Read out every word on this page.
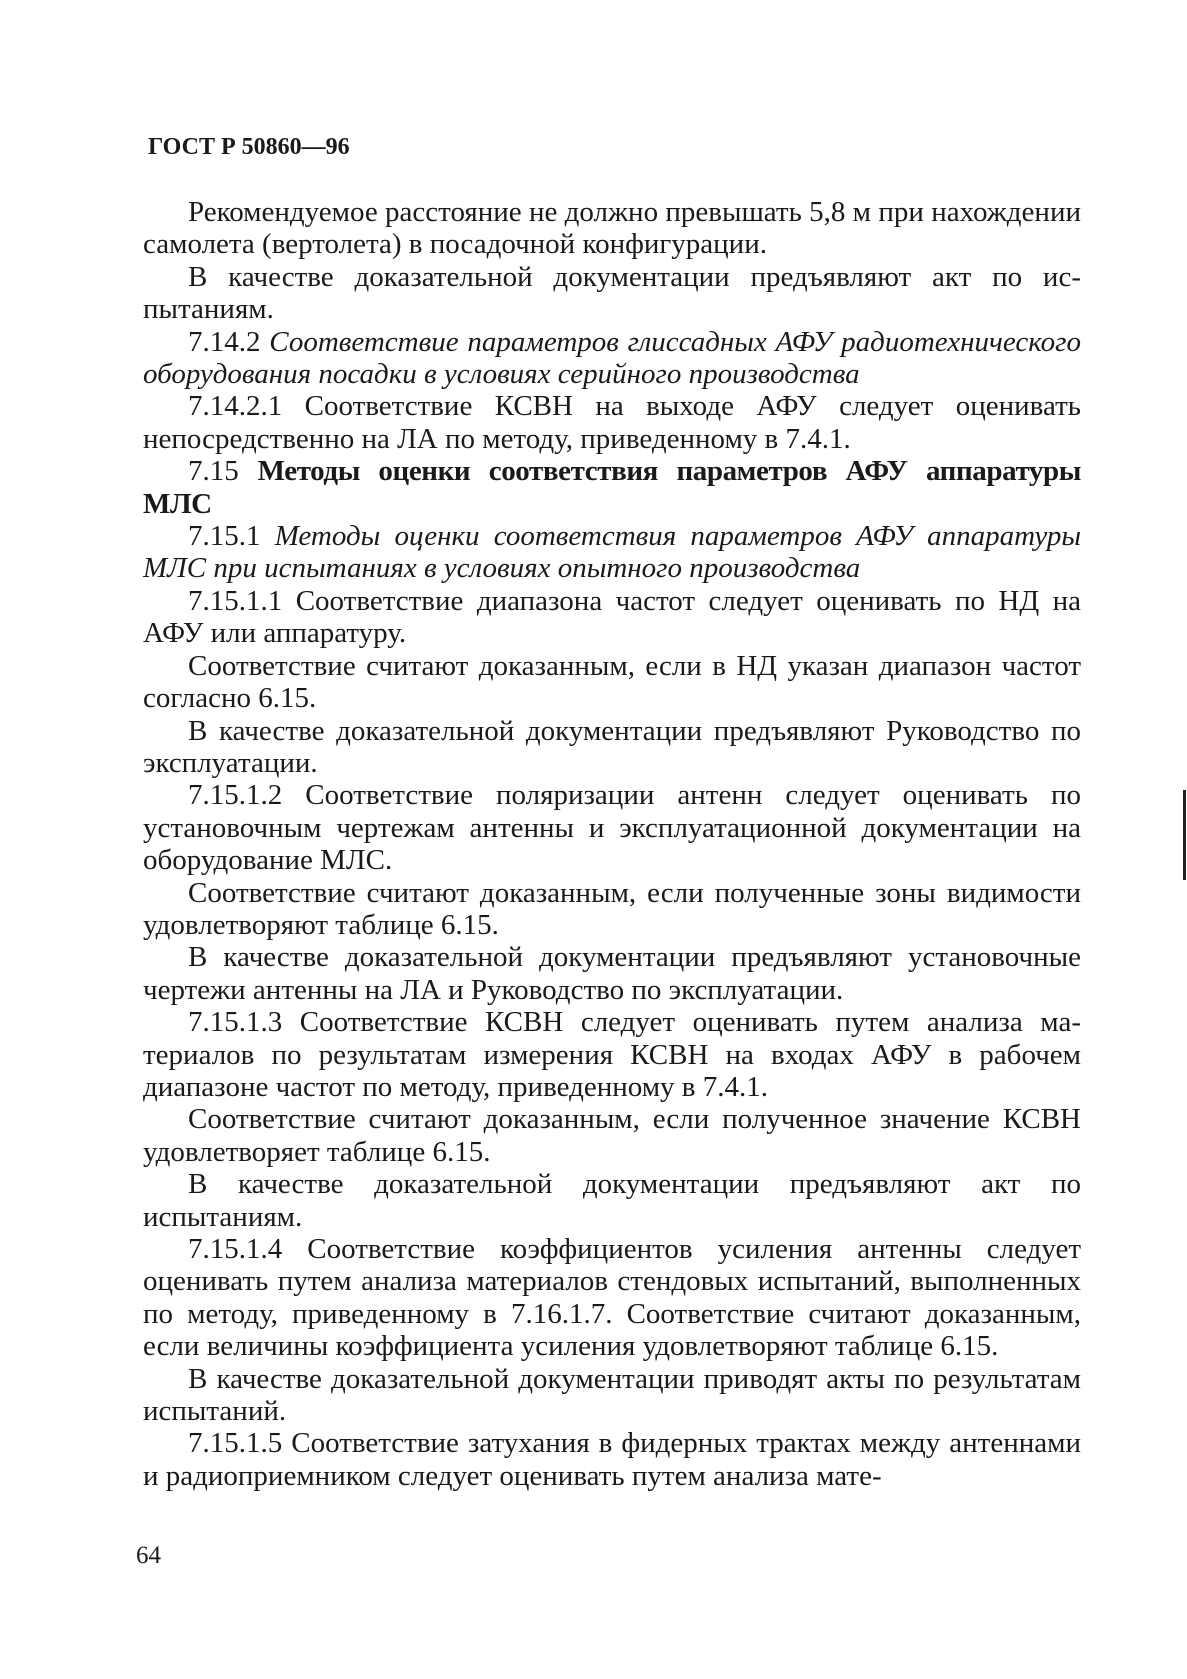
ГОСТ Р 50860—96

Рекомендуемое расстояние не должно превышать 5,8 м при нахождении самолета (вертолета) в посадочной конфигурации.

В качестве доказательной документации предъявляют акт по испытаниям.

7.14.2 Соответствие параметров глиссадных АФУ радиотехнического оборудования посадки в условиях серийного производства

7.14.2.1 Соответствие КСВН на выходе АФУ следует оценивать непосредственно на ЛА по методу, приведенному в 7.4.1.

7.15 Методы оценки соответствия параметров АФУ аппаратуры МЛС

7.15.1 Методы оценки соответствия параметров АФУ аппаратуры МЛС при испытаниях в условиях опытного производства

7.15.1.1 Соответствие диапазона частот следует оценивать по НД на АФУ или аппаратуру.

Соответствие считают доказанным, если в НД указан диапазон частот согласно 6.15.

В качестве доказательной документации предъявляют Руководство по эксплуатации.

7.15.1.2 Соответствие поляризации антенн следует оценивать по установочным чертежам антенны и эксплуатационной документации на оборудование МЛС.

Соответствие считают доказанным, если полученные зоны видимости удовлетворяют таблице 6.15.

В качестве доказательной документации предъявляют установочные чертежи антенны на ЛА и Руководство по эксплуатации.

7.15.1.3 Соответствие КСВН следует оценивать путем анализа материалов по результатам измерения КСВН на входах АФУ в рабочем диапазоне частот по методу, приведенному в 7.4.1.

Соответствие считают доказанным, если полученное значение КСВН удовлетворяет таблице 6.15.

В качестве доказательной документации предъявляют акт по испытаниям.

7.15.1.4 Соответствие коэффициентов усиления антенны следует оценивать путем анализа материалов стендовых испытаний, выполненных по методу, приведенному в 7.16.1.7. Соответствие считают доказанным, если величины коэффициента усиления удовлетворяют таблице 6.15.

В качестве доказательной документации приводят акты по результатам испытаний.

7.15.1.5 Соответствие затухания в фидерных трактах между антеннами и радиоприемником следует оценивать путем анализа мате-

64
